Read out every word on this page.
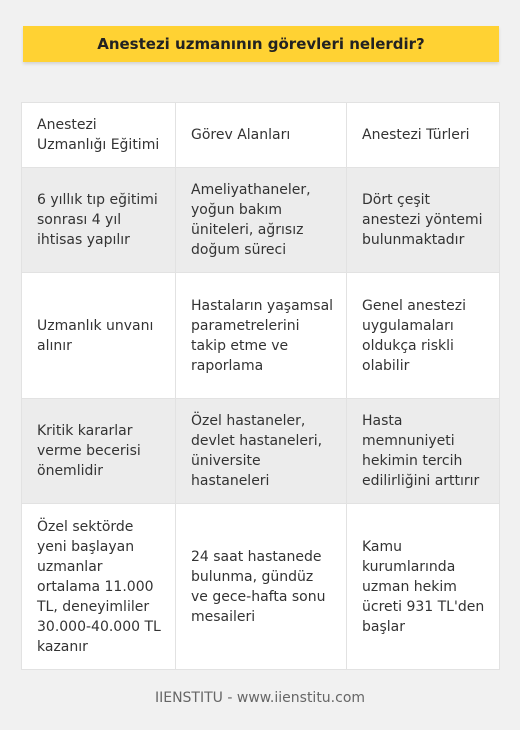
Anestezi uzmanının görevleri nelerdir?
Anestezi Uzmanlığı Eğitimi	Görev Alanları	Anestezi Türleri
6 yıllık tıp eğitimi sonrası 4 yıl ihtisas yapılır	Ameliyathaneler, yoğun bakım üniteleri, ağrısız doğum süreci	Dört çeşit anestezi yöntemi bulunmaktadır
Uzmanlık unvanı alınır	Hastaların yaşamsal parametrelerini takip etme ve raporlama	Genel anestezi uygulamaları oldukça riskli olabilir
Kritik kararlar verme becerisi önemlidir	Özel hastaneler, devlet hastaneleri, üniversite hastaneleri	Hasta memnuniyeti hekimin tercih edilirliğini arttırır
Özel sektörde yeni başlayan uzmanlar ortalama 11.000 TL, deneyimliler 30.000-40.000 TL kazanır	24 saat hastanede bulunma, gündüz ve gece-hafta sonu mesaileri	Kamu kurumlarında uzman hekim ücreti 931 TL'den başlar
IIENSTITU - www.iienstitu.com
